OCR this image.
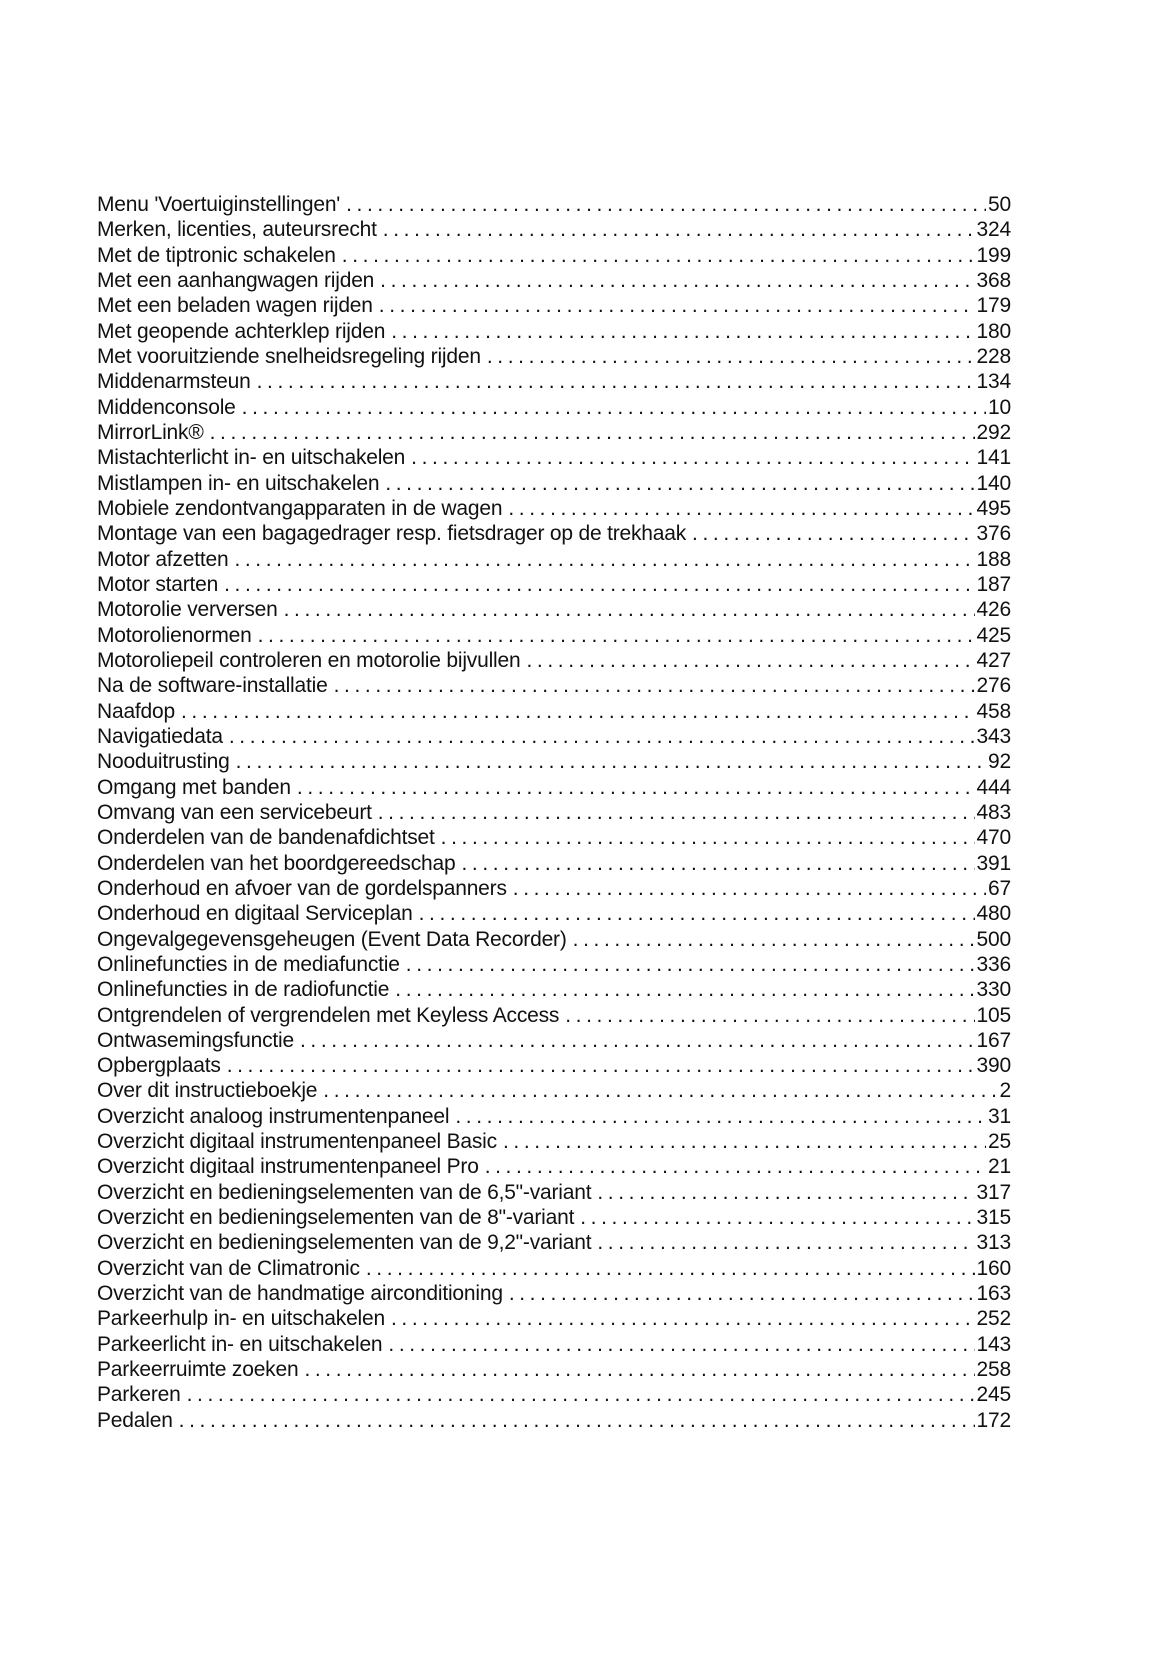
Menu 'Voertuiginstellingen' .....	50
Merken, licenties, auteursrecht .....	324
Met de tiptronic schakelen .....	199
Met een aanhangwagen rijden .....	368
Met een beladen wagen rijden .....	179
Met geopende achterklep rijden .....	180
Met vooruitziende snelheidsregeling rijden .....	228
Middenarmsteun .....	134
Middenconsole .....	10
MirrorLink® .....	292
Mistachterlicht in- en uitschakelen .....	141
Mistlampen in- en uitschakelen .....	140
Mobiele zendontvangapparaten in de wagen .....	495
Montage van een bagagedrager resp. fietsdrager op de trekhaak .....	376
Motor afzetten .....	188
Motor starten .....	187
Motorolie verversen .....	426
Motorolienormen .....	425
Motoroliepeil controleren en motorolie bijvullen .....	427
Na de software-installatie .....	276
Naafdop .....	458
Navigatiedata .....	343
Nooduitrusting .....	92
Omgang met banden .....	444
Omvang van een servicebeurt .....	483
Onderdelen van de bandenafdichtset .....	470
Onderdelen van het boordgereedschap .....	391
Onderhoud en afvoer van de gordelspanners .....	67
Onderhoud en digitaal Serviceplan .....	480
Ongevalgegevensgeheugen (Event Data Recorder) .....	500
Onlinefuncties in de mediafunctie .....	336
Onlinefuncties in de radiofunctie .....	330
Ontgrendelen of vergrendelen met Keyless Access .....	105
Ontwasemingsfunctie .....	167
Opbergplaats .....	390
Over dit instructieboekje .....	2
Overzicht analoog instrumentenpaneel .....	31
Overzicht digitaal instrumentenpaneel Basic .....	25
Overzicht digitaal instrumentenpaneel Pro .....	21
Overzicht en bedieningselementen van de 6,5"-variant .....	317
Overzicht en bedieningselementen van de 8"-variant .....	315
Overzicht en bedieningselementen van de 9,2"-variant .....	313
Overzicht van de Climatronic .....	160
Overzicht van de handmatige airconditioning .....	163
Parkeerhulp in- en uitschakelen .....	252
Parkeerlicht in- en uitschakelen .....	143
Parkeerruimte zoeken .....	258
Parkeren .....	245
Pedalen .....	172
